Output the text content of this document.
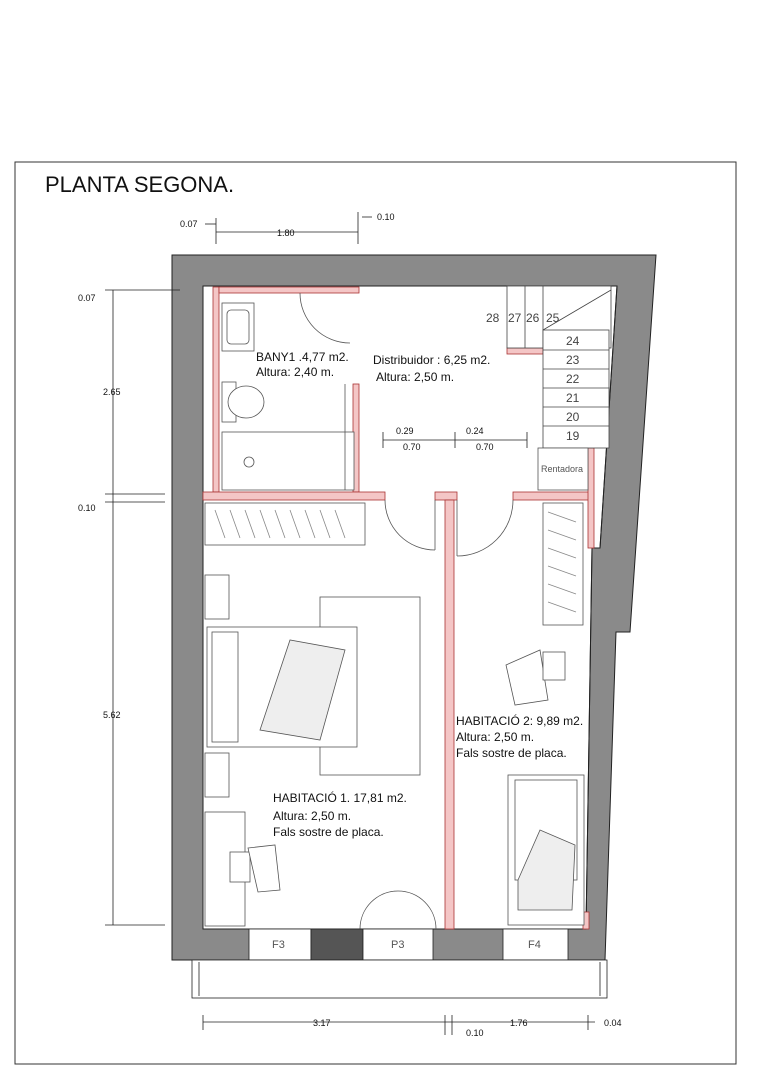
PLANTA SEGONA.
Rentadora
F3	P3	F4
28 27 26 25
24
23
22
21
20
19
BANY1 .4,77 m2.
Altura: 2,40 m.
Distribuidor : 6,25 m2.
Altura: 2,50 m.
HABITACIÓ 1. 17,81 m2.
Altura: 2,50 m.
Fals sostre de placa.
HABITACIÓ 2: 9,89 m2.
Altura: 2,50 m.
Fals sostre de placa.
0.07
1.80
0.10
0.07
2.65
0.10
5.62
0.29	0.24
0.70	0.70
3.17
0.10
1.76	0.04
